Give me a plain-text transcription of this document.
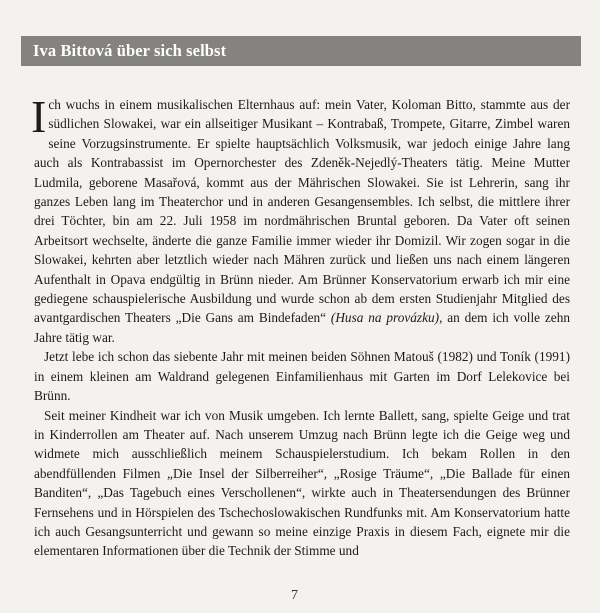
Iva Bittová über sich selbst

Ich wuchs in einem musikalischen Elternhaus auf: mein Vater, Koloman Bitto, stammte aus der südlichen Slowakei, war ein allseitiger Musikant – Kontrabaß, Trompete, Gitarre, Zimbel waren seine Vorzugsinstrumente. Er spielte hauptsächlich Volksmusik, war jedoch einige Jahre lang auch als Kontrabassist im Opernorchester des Zdeněk-Nejedlý-Theaters tätig. Meine Mutter Ludmila, geborene Masařová, kommt aus der Mährischen Slowakei. Sie ist Lehrerin, sang ihr ganzes Leben lang im Theaterchor und in anderen Gesangensembles. Ich selbst, die mittlere ihrer drei Töchter, bin am 22. Juli 1958 im nordmährischen Bruntal geboren. Da Vater oft seinen Arbeitsort wechselte, änderte die ganze Familie immer wieder ihr Domizil. Wir zogen sogar in die Slowakei, kehrten aber letztlich wieder nach Mähren zurück und ließen uns nach einem längeren Aufenthalt in Opava endgültig in Brünn nieder. Am Brünner Konservatorium erwarb ich mir eine gediegene schauspielerische Ausbildung und wurde schon ab dem ersten Studienjahr Mitglied des avantgardischen Theaters „Die Gans am Bindefaden“ (Husa na provázku), an dem ich volle zehn Jahre tätig war.

Jetzt lebe ich schon das siebente Jahr mit meinen beiden Söhnen Matouš (1982) und Toník (1991) in einem kleinen am Waldrand gelegenen Einfamilienhaus mit Garten im Dorf Lelekovice bei Brünn.

Seit meiner Kindheit war ich von Musik umgeben. Ich lernte Ballett, sang, spielte Geige und trat in Kinderrollen am Theater auf. Nach unserem Umzug nach Brünn legte ich die Geige weg und widmete mich ausschließlich meinem Schauspielerstudium. Ich bekam Rollen in den abendfüllenden Filmen „Die Insel der Silberreiher“, „Rosige Träume“, „Die Ballade für einen Banditen“, „Das Tagebuch eines Verschollenen“, wirkte auch in Theatersendungen des Brünner Fernsehens und in Hörspielen des Tschechoslowakischen Rundfunks mit. Am Konservatorium hatte ich auch Gesangsunterricht und gewann so meine einzige Praxis in diesem Fach, eignete mir die elementaren Informationen über die Technik der Stimme und

7
